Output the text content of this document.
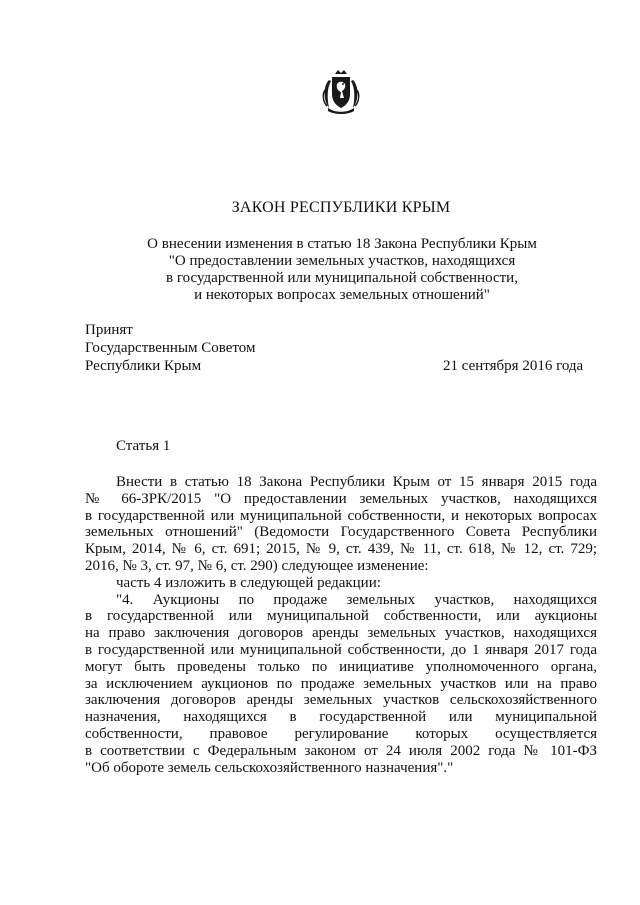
ЗАКОН РЕСПУБЛИКИ КРЫМ
О внесении изменения в статью 18 Закона Республики Крым
"О предоставлении земельных участков, находящихся
в государственной или муниципальной собственности,
и некоторых вопросах земельных отношений"
Принят
Государственным Советом
Республики Крым	21 сентября 2016 года
Статья 1
Внести в статью 18 Закона Республики Крым от 15 января 2015 года
№ 66-ЗРК/2015 "О предоставлении земельных участков, находящихся
в государственной или муниципальной собственности, и некоторых вопросах
земельных отношений" (Ведомости Государственного Совета Республики
Крым, 2014, № 6, ст. 691; 2015, № 9, ст. 439, № 11, ст. 618, № 12, ст. 729;
2016, № 3, ст. 97, № 6, ст. 290) следующее изменение:
часть 4 изложить в следующей редакции:
"4. Аукционы по продаже земельных участков, находящихся
в государственной или муниципальной собственности, или аукционы
на право заключения договоров аренды земельных участков, находящихся
в государственной или муниципальной собственности, до 1 января 2017 года
могут быть проведены только по инициативе уполномоченного органа,
за исключением аукционов по продаже земельных участков или на право
заключения договоров аренды земельных участков сельскохозяйственного
назначения, находящихся в государственной или муниципальной
собственности, правовое регулирование которых осуществляется
в соответствии с Федеральным законом от 24 июля 2002 года № 101-ФЗ
"Об обороте земель сельскохозяйственного назначения"."
